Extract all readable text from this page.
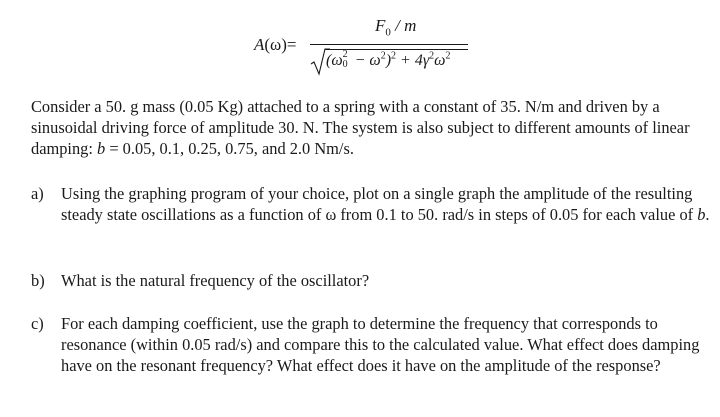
A(ω)=
$F_0$ / m
(ω 2
$0 - \omega^2)^2 + 4\gamma^2\omega^2$

Consider a 50. g mass (0.05 Kg) attached to a spring with a constant of 35. N/m and driven by a sinusoidal driving force of amplitude 30. N. The system is also subject to different amounts of linear damping: b = 0.05, 0.1, 0.25, 0.75, and 2.0 Nm/s.

a)	Using the graphing program of your choice, plot on a single graph the amplitude of the resulting steady state oscillations as a function of ω from 0.1 to 50. rad/s in steps of 0.05 for each value of b.
b) What is the natural frequency of the oscillator?
c)	For each damping coefficient, use the graph to determine the frequency that corresponds to resonance (within 0.05 rad/s) and compare this to the calculated value. What effect does damping have on the resonant frequency? What effect does it have on the amplitude of the response?
